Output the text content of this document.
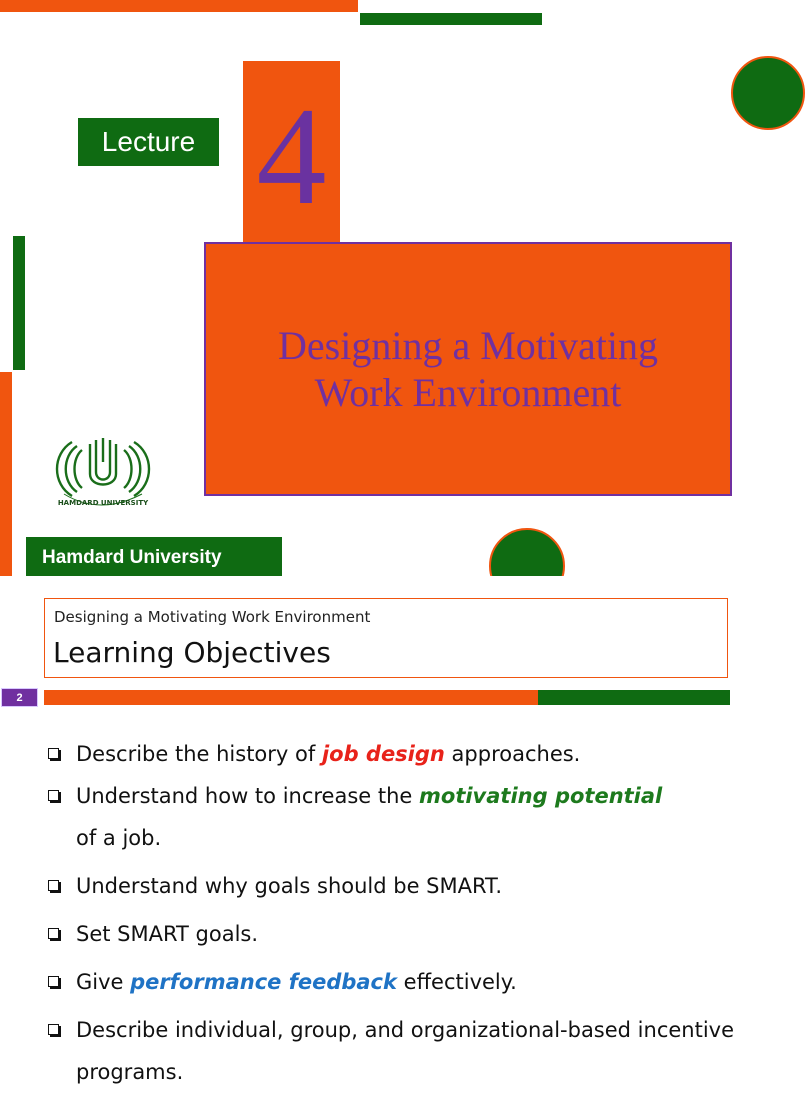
Lecture 4
Designing a Motivating
Work Environment
HAMDARD UNIVERSITY
Hamdard University
Designing a Motivating Work Environment
Learning Objectives
2
Describe the history of job design approaches.
Understand how to increase the motivating potential
of a job.
Understand why goals should be SMART.
Set SMART goals.
Give performance feedback effectively.
Describe individual, group, and organizational-based incentive programs.
